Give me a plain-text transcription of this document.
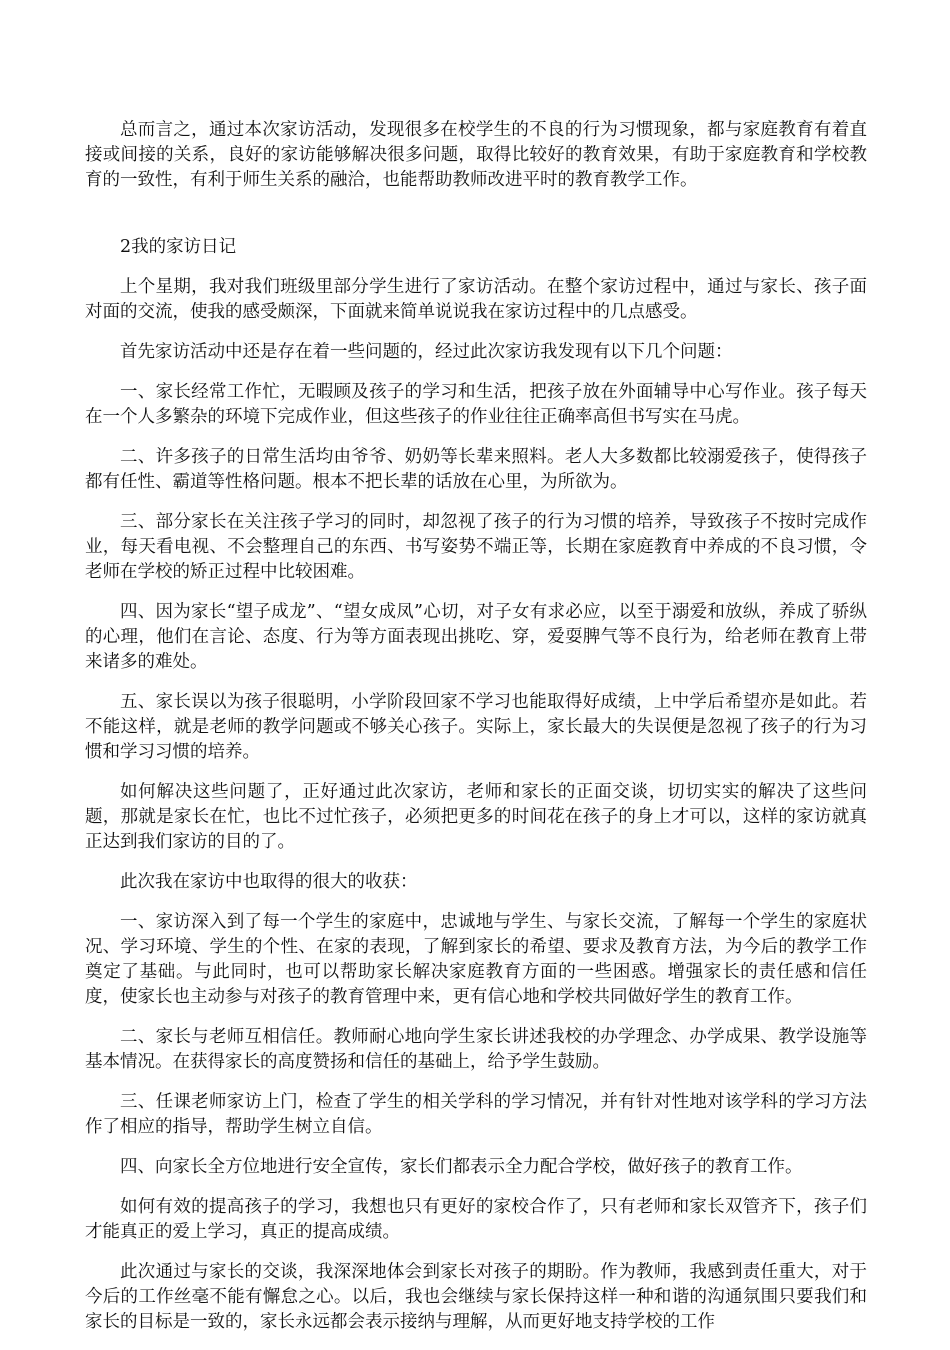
总而言之，通过本次家访活动，发现很多在校学生的不良的行为习惯现象，都与家庭教育有着直接或间接的关系，良好的家访能够解决很多问题，取得比较好的教育效果，有助于家庭教育和学校教育的一致性，有利于师生关系的融洽，也能帮助教师改进平时的教育教学工作。

2我的家访日记

上个星期，我对我们班级里部分学生进行了家访活动。在整个家访过程中，通过与家长、孩子面对面的交流，使我的感受颇深，下面就来简单说说我在家访过程中的几点感受。

首先家访活动中还是存在着一些问题的，经过此次家访我发现有以下几个问题：

一、家长经常工作忙，无暇顾及孩子的学习和生活，把孩子放在外面辅导中心写作业。孩子每天在一个人多繁杂的环境下完成作业，但这些孩子的作业往往正确率高但书写实在马虎。

二、许多孩子的日常生活均由爷爷、奶奶等长辈来照料。老人大多数都比较溺爱孩子，使得孩子都有任性、霸道等性格问题。根本不把长辈的话放在心里，为所欲为。

三、部分家长在关注孩子学习的同时，却忽视了孩子的行为习惯的培养，导致孩子不按时完成作业，每天看电视、不会整理自己的东西、书写姿势不端正等，长期在家庭教育中养成的不良习惯，令老师在学校的矫正过程中比较困难。

四、因为家长“望子成龙”、“望女成凤”心切，对子女有求必应，以至于溺爱和放纵，养成了骄纵的心理，他们在言论、态度、行为等方面表现出挑吃、穿，爱耍脾气等不良行为，给老师在教育上带来诸多的难处。

五、家长误以为孩子很聪明，小学阶段回家不学习也能取得好成绩，上中学后希望亦是如此。若不能这样，就是老师的教学问题或不够关心孩子。实际上，家长最大的失误便是忽视了孩子的行为习惯和学习习惯的培养。

如何解决这些问题了，正好通过此次家访，老师和家长的正面交谈，切切实实的解决了这些问题，那就是家长在忙，也比不过忙孩子，必须把更多的时间花在孩子的身上才可以，这样的家访就真正达到我们家访的目的了。

此次我在家访中也取得的很大的收获：

一、家访深入到了每一个学生的家庭中，忠诚地与学生、与家长交流，了解每一个学生的家庭状况、学习环境、学生的个性、在家的表现，了解到家长的希望、要求及教育方法，为今后的教学工作奠定了基础。与此同时，也可以帮助家长解决家庭教育方面的一些困惑。增强家长的责任感和信任度，使家长也主动参与对孩子的教育管理中来，更有信心地和学校共同做好学生的教育工作。

二、家长与老师互相信任。教师耐心地向学生家长讲述我校的办学理念、办学成果、教学设施等基本情况。在获得家长的高度赞扬和信任的基础上，给予学生鼓励。

三、任课老师家访上门，检查了学生的相关学科的学习情况，并有针对性地对该学科的学习方法作了相应的指导，帮助学生树立自信。

四、向家长全方位地进行安全宣传，家长们都表示全力配合学校，做好孩子的教育工作。

如何有效的提高孩子的学习，我想也只有更好的家校合作了，只有老师和家长双管齐下，孩子们才能真正的爱上学习，真正的提高成绩。

此次通过与家长的交谈，我深深地体会到家长对孩子的期盼。作为教师，我感到责任重大，对于今后的工作丝毫不能有懈怠之心。以后，我也会继续与家长保持这样一种和谐的沟通氛围只要我们和家长的目标是一致的，家长永远都会表示接纳与理解，从而更好地支持学校的工作
